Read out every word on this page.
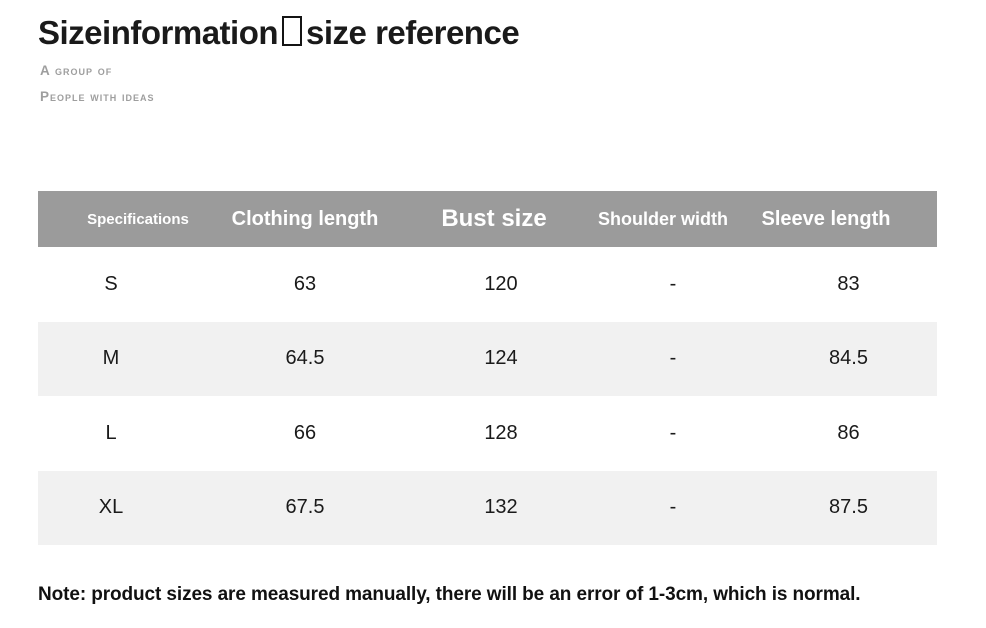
Sizeinformation size reference
A group of
People with ideas
Specifications	Clothing length	Bust size	Shoulder width	Sleeve length
S	63	120	-	83
M	64.5	124	-	84.5
L	66	128	-	86
XL	67.5	132	-	87.5
Note: product sizes are measured manually, there will be an error of 1-3cm, which is normal.
